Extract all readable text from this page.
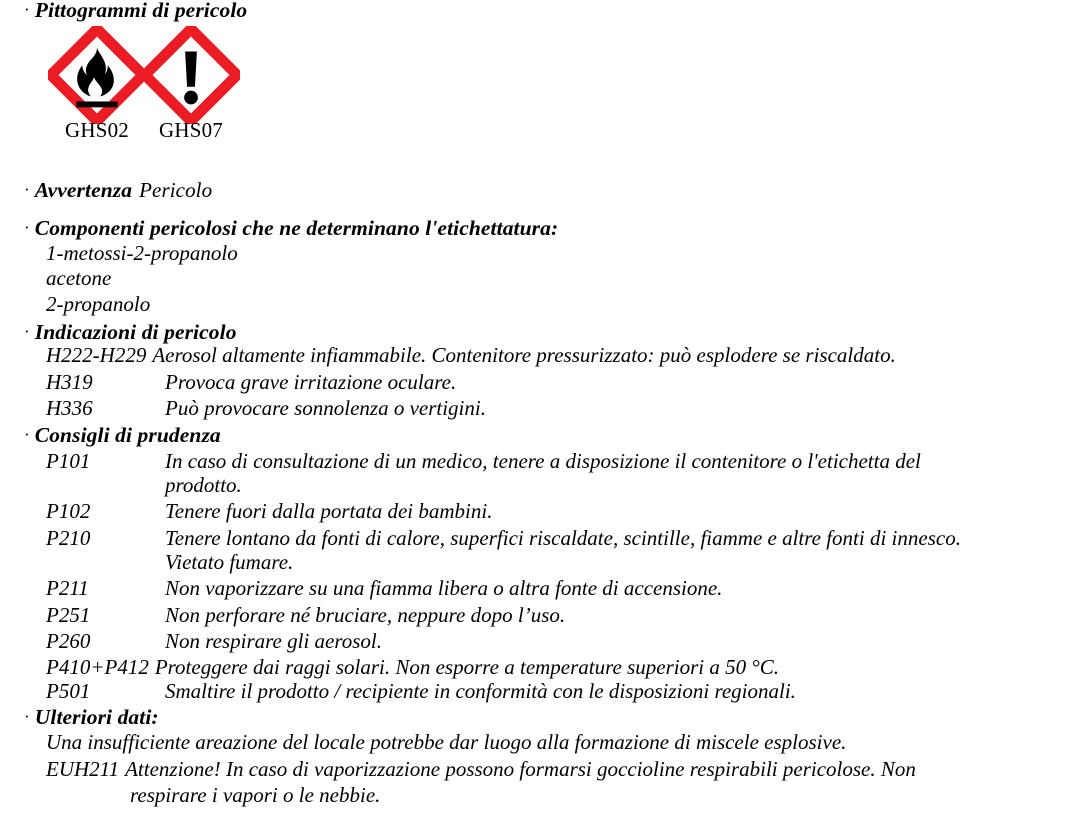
· Pittogrammi di pericolo
GHS02	GHS07
· Avvertenza Pericolo
· Componenti pericolosi che ne determinano l'etichettatura:
1-metossi-2-propanolo
acetone
2-propanolo
· Indicazioni di pericolo
H222-H229 Aerosol altamente infiammabile. Contenitore pressurizzato: può esplodere se riscaldato.
H319	Provoca grave irritazione oculare.
H336	Può provocare sonnolenza o vertigini.
· Consigli di prudenza
P101	In caso di consultazione di un medico, tenere a disposizione il contenitore o l'etichetta del
prodotto.
P102	Tenere fuori dalla portata dei bambini.
P210	Tenere lontano da fonti di calore, superfici riscaldate, scintille, fiamme e altre fonti di innesco.
Vietato fumare.
P211	Non vaporizzare su una fiamma libera o altra fonte di accensione.
P251	Non perforare né bruciare, neppure dopo l’uso.
P260	Non respirare gli aerosol.
P410+P412 Proteggere dai raggi solari. Non esporre a temperature superiori a 50 °C.
P501	Smaltire il prodotto / recipiente in conformità con le disposizioni regionali.
· Ulteriori dati:
Una insufficiente areazione del locale potrebbe dar luogo alla formazione di miscele esplosive.
EUH211 Attenzione! In caso di vaporizzazione possono formarsi goccioline respirabili pericolose. Non
respirare i vapori o le nebbie.
